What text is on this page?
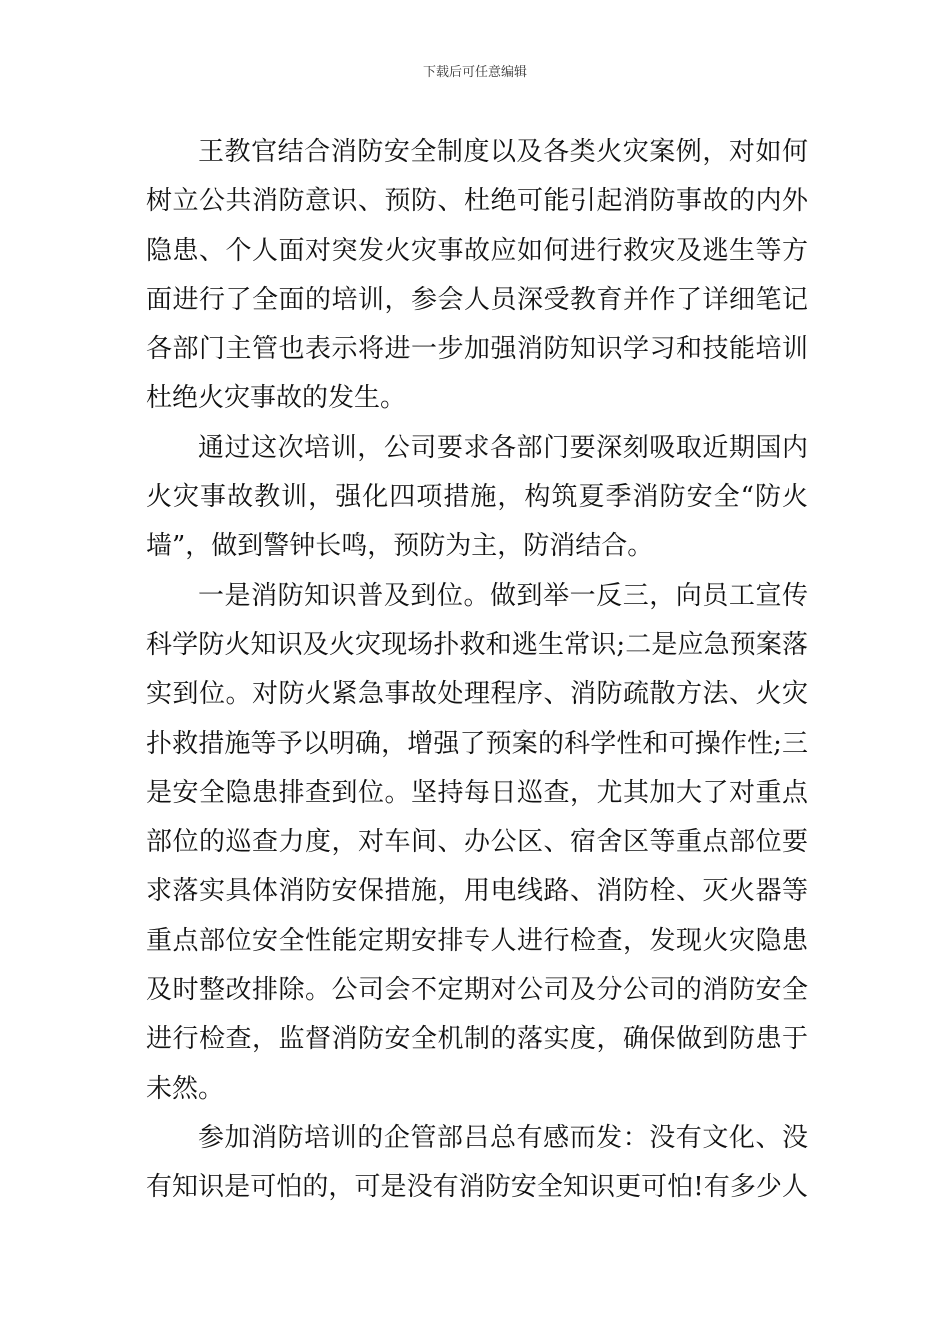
下载后可任意编辑
王教官结合消防安全制度以及各类火灾案例，对如何
树立公共消防意识、预防、杜绝可能引起消防事故的内外
隐患、个人面对突发火灾事故应如何进行救灾及逃生等方
面进行了全面的培训，参会人员深受教育并作了详细笔记
各部门主管也表示将进一步加强消防知识学习和技能培训
杜绝火灾事故的发生。
通过这次培训，公司要求各部门要深刻吸取近期国内
火灾事故教训，强化四项措施，构筑夏季消防安全“防火
墙”，做到警钟长鸣，预防为主，防消结合。
一是消防知识普及到位。做到举一反三，向员工宣传
科学防火知识及火灾现场扑救和逃生常识;二是应急预案落
实到位。对防火紧急事故处理程序、消防疏散方法、火灾
扑救措施等予以明确，增强了预案的科学性和可操作性;三
是安全隐患排查到位。坚持每日巡查，尤其加大了对重点
部位的巡查力度，对车间、办公区、宿舍区等重点部位要
求落实具体消防安保措施，用电线路、消防栓、灭火器等
重点部位安全性能定期安排专人进行检查，发现火灾隐患
及时整改排除。公司会不定期对公司及分公司的消防安全
进行检查，监督消防安全机制的落实度，确保做到防患于
未然。
参加消防培训的企管部吕总有感而发：没有文化、没
有知识是可怕的，可是没有消防安全知识更可怕!有多少人
